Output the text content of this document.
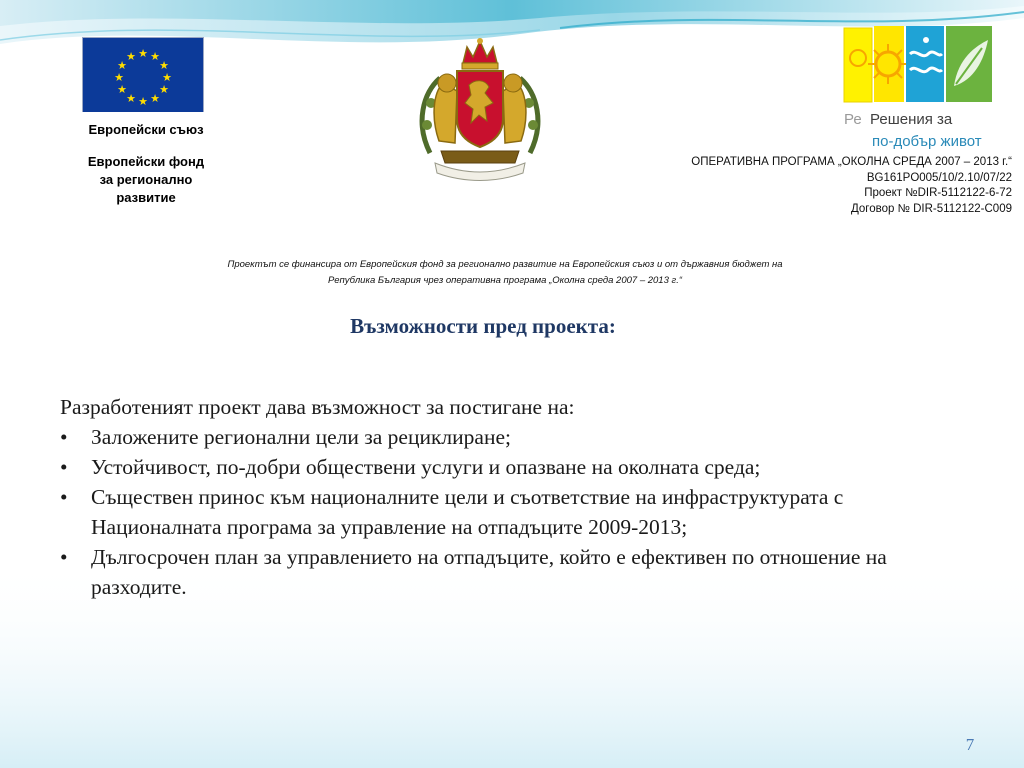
★ ★
★
★
★
★
★
★
★
★
★
★
Европейски съюз
Европейски фонд за регионално развитие
Ре Решения за
по-добър живот
ОПЕРАТИВНА ПРОГРАМА „ОКОЛНА СРЕДА 2007 – 2013 г.“
BG161PO005/10/2.10/07/22
Проект №DIR-5112122-6-72
Договор № DIR-5112122-C009
Проектът се финансира от Европейския фонд за регионално развитие на Европейския съюз и от държавния бюджет на
Република България чрез оперативна програма „Околна среда 2007 – 2013 г.“
Възможности пред проекта:

Разработеният проект дава възможност за постигане на:

• Заложените регионални цели за рециклиране;
• Устойчивост, по-добри обществени услуги и опазване на околната среда;
• Съществен принос към националните цели и съответствие на инфраструктурата с Националната програма за управление на отпадъците 2009-2013;
• Дългосрочен план за управлението на отпадъците, който е ефективен по отношение на разходите.
7
